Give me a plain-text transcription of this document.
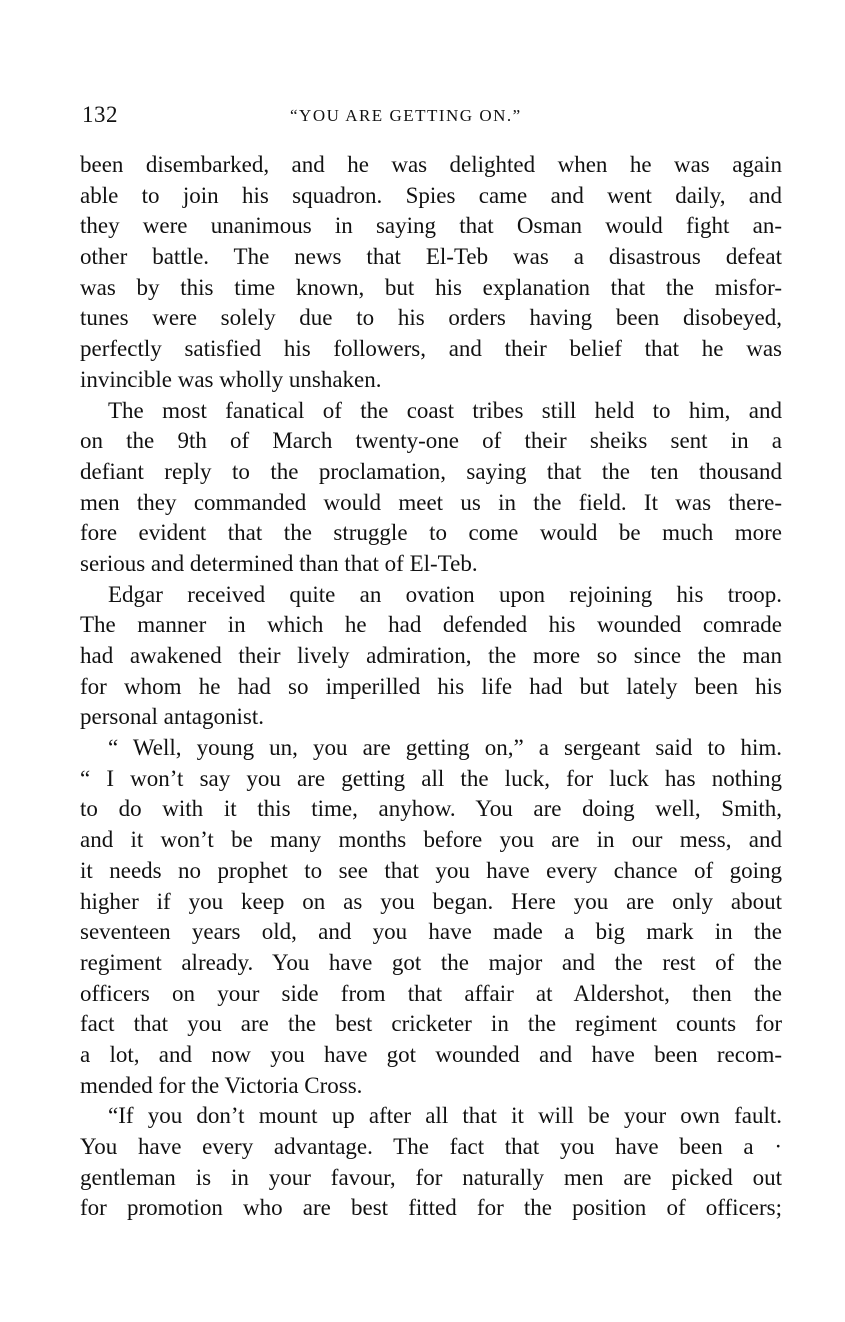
132	“YOU ARE GETTING ON.”
been disembarked, and he was delighted when he was again
able to join his squadron. Spies came and went daily, and
they were unanimous in saying that Osman would fight an-
other battle. The news that El-Teb was a disastrous defeat
was by this time known, but his explanation that the misfor-
tunes were solely due to his orders having been disobeyed,
perfectly satisfied his followers, and their belief that he was
invincible was wholly unshaken.
The most fanatical of the coast tribes still held to him, and
on the 9th of March twenty-one of their sheiks sent in a
defiant reply to the proclamation, saying that the ten thousand
men they commanded would meet us in the field. It was there-
fore evident that the struggle to come would be much more
serious and determined than that of El-Teb.
Edgar received quite an ovation upon rejoining his troop.
The manner in which he had defended his wounded comrade
had awakened their lively admiration, the more so since the man
for whom he had so imperilled his life had but lately been his
personal antagonist.
“ Well, young un, you are getting on,” a sergeant said to him.
“ I won’t say you are getting all the luck, for luck has nothing
to do with it this time, anyhow. You are doing well, Smith,
and it won’t be many months before you are in our mess, and
it needs no prophet to see that you have every chance of going
higher if you keep on as you began. Here you are only about
seventeen years old, and you have made a big mark in the
regiment already. You have got the major and the rest of the
officers on your side from that affair at Aldershot, then the
fact that you are the best cricketer in the regiment counts for
a lot, and now you have got wounded and have been recom-
mended for the Victoria Cross.
“If you don’t mount up after all that it will be your own fault.
You have every advantage. The fact that you have been a ·
gentleman is in your favour, for naturally men are picked out
for promotion who are best fitted for the position of officers;
